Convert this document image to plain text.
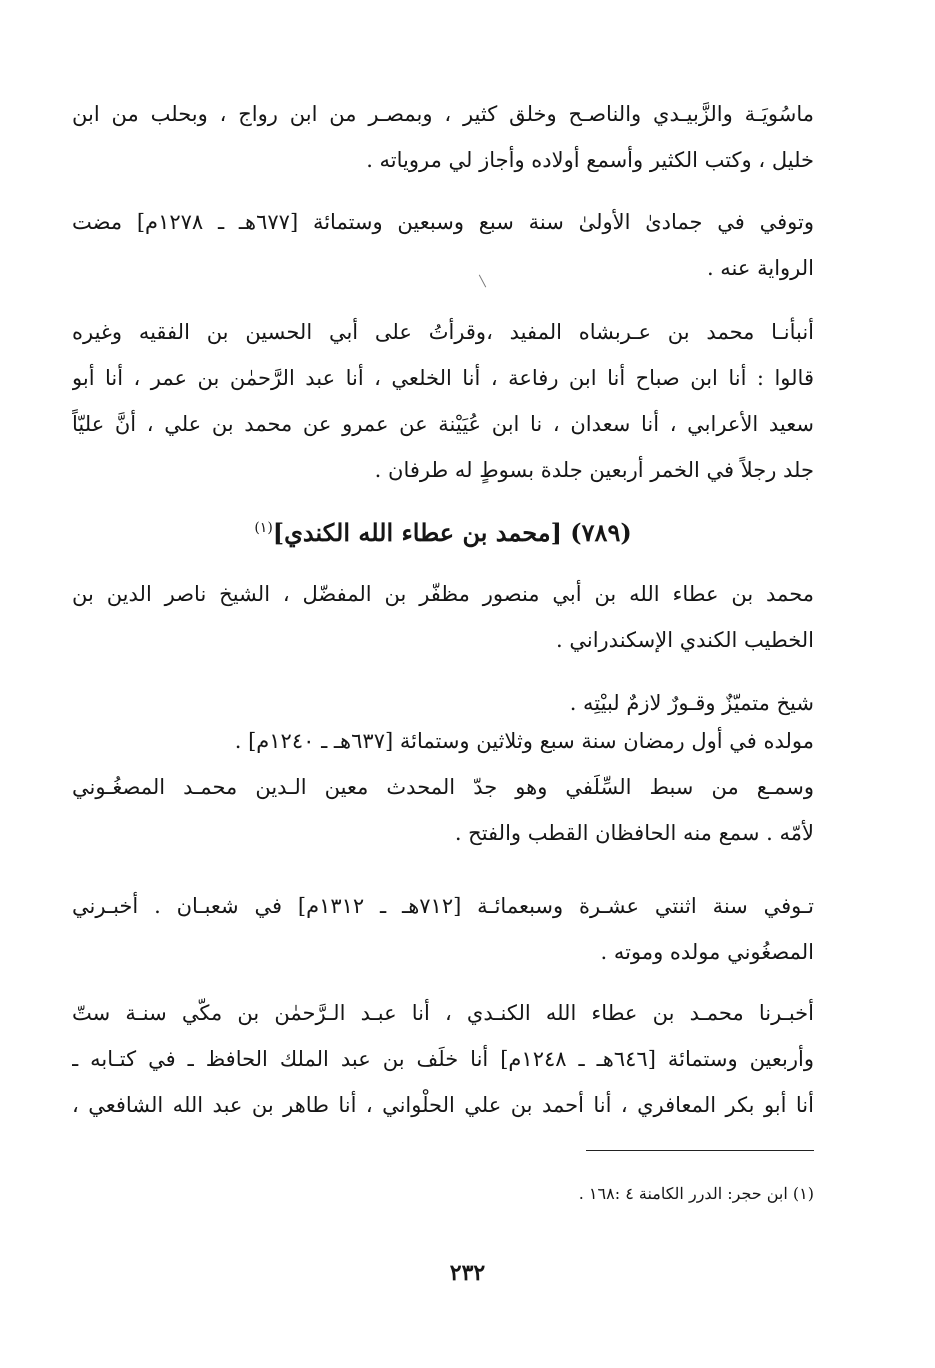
ماسُويَـة والزَّبيـدي والناصـح وخلق كثير ، وبمصـر من ابن رواج ، وبحلب من ابن
خليل ، وكتب الكثير وأسمع أولاده وأجاز لي مروياته .
وتوفي في جمادىٰ الأولىٰ سنة سبع وسبعين وستمائة [٦٧٧هـ ـ ١٢٧٨م] مضت
الرواية عنه .
أنبأنـا محمد بن عـربشاه المفيد ،وقرأتُ على أبي الحسين بن الفقيه وغيره
قالوا : أنا ابن صباح أنا ابن رفاعة ، أنا الخلعي ، أنا عبد الرَّحمٰن بن عمر ، أنا أبو
سعيد الأعرابي ، أنا سعدان ، نا ابن عُيَيْنة عن عمرو عن محمد بن علي ، أنَّ عليّاً
جلد رجلاً في الخمر أربعين جلدة بسوطٍ له طرفان .
(٧٨٩) [محمد بن عطاء الله الكندي]$^{(١)}$
محمد بن عطاء الله بن أبي منصور مظفّر بن المفضّل ، الشيخ ناصر الدين بن
الخطيب الكندي الإسكندراني .
شيخ متميّزٌ وقـورٌ لازمٌ لبيْتِه .
مولده في أول رمضان سنة سبع وثلاثين وستمائة [٦٣٧هـ ـ ١٢٤٠م] .
وسمـع من سبط السِّلَفي وهو جدّ المحدث معين الـدين محمـد المصغُـوني
لأمّه . سمع منه الحافظان القطب والفتح .
تـوفي سنة اثنتي عشـرة وسبعمائـة [٧١٢هـ ـ ١٣١٢م] في شعبـان . أخبـرني
المصغُوني مولده وموته .
أخبـرنا محمـد بن عطاء الله الكنـدي ، أنا عبـد الـرَّحمٰن بن مكّي سنـة ستّ
وأربعين وستمائة [٦٤٦هـ ـ ١٢٤٨م] أنا خلَف بن عبد الملك الحافظ ـ في كتـابه ـ
أنا أبو بكر المعافري ، أنا أحمد بن علي الحلْواني ، أنا طاهر بن عبد الله الشافعي ،
(١) ابن حجر: الدرر الكامنة ٤ :١٦٨ .
٢٣٢
